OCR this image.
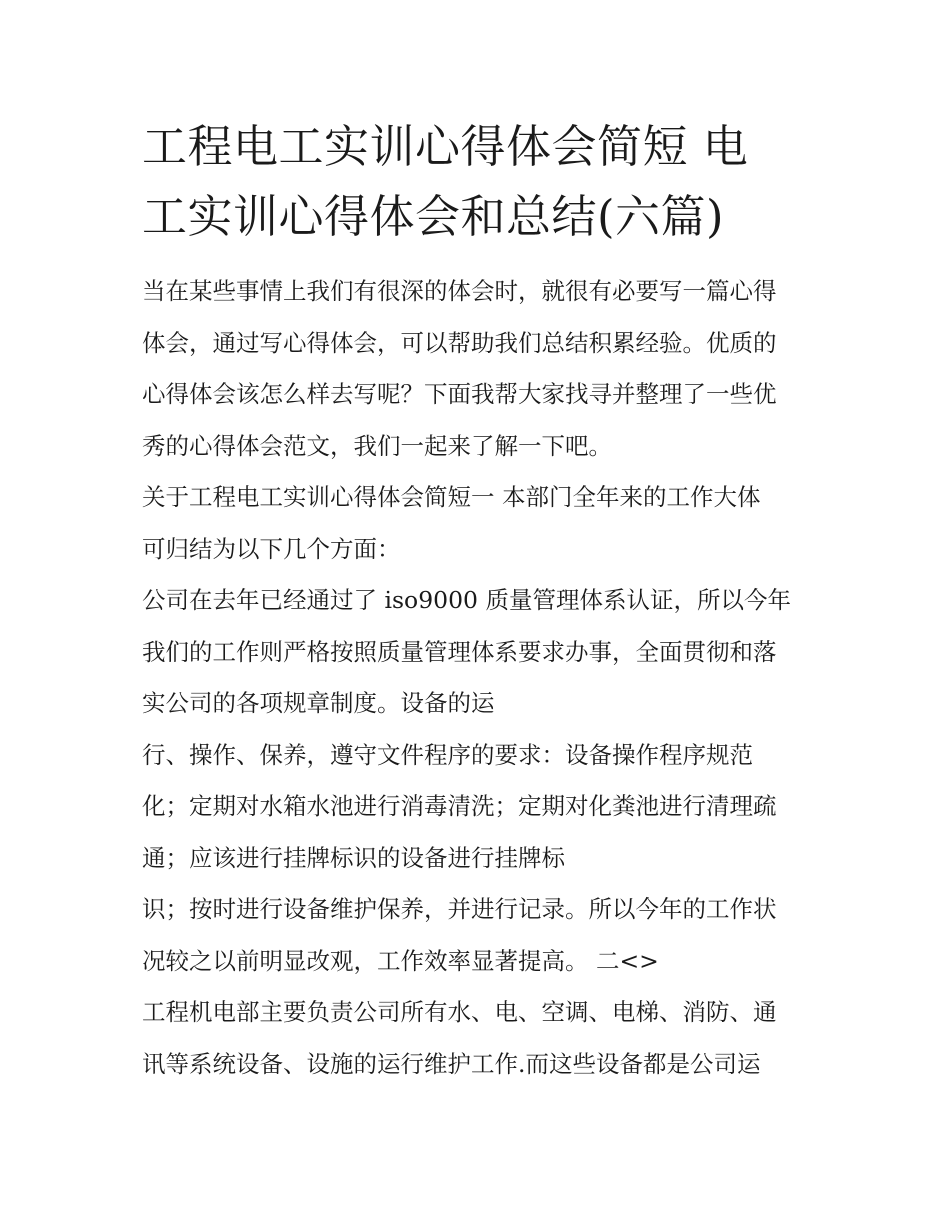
工程电工实训心得体会简短 电
工实训心得体会和总结(六篇)

当在某些事情上我们有很深的体会时，就很有必要写一篇心得
体会，通过写心得体会，可以帮助我们总结积累经验。优质的
心得体会该怎么样去写呢？下面我帮大家找寻并整理了一些优
秀的心得体会范文，我们一起来了解一下吧。

关于工程电工实训心得体会简短一 本部门全年来的工作大体
可归结为以下几个方面：

公司在去年已经通过了 iso9000 质量管理体系认证，所以今年
我们的工作则严格按照质量管理体系要求办事，全面贯彻和落
实公司的各项规章制度。设备的运

行、操作、保养，遵守文件程序的要求：设备操作程序规范
化；定期对水箱水池进行消毒清洗；定期对化粪池进行清理疏
通；应该进行挂牌标识的设备进行挂牌标

识；按时进行设备维护保养，并进行记录。所以今年的工作状
况较之以前明显改观，工作效率显著提高。 二<>

工程机电部主要负责公司所有水、电、空调、电梯、消防、通
讯等系统设备、设施的运行维护工作.而这些设备都是公司运
